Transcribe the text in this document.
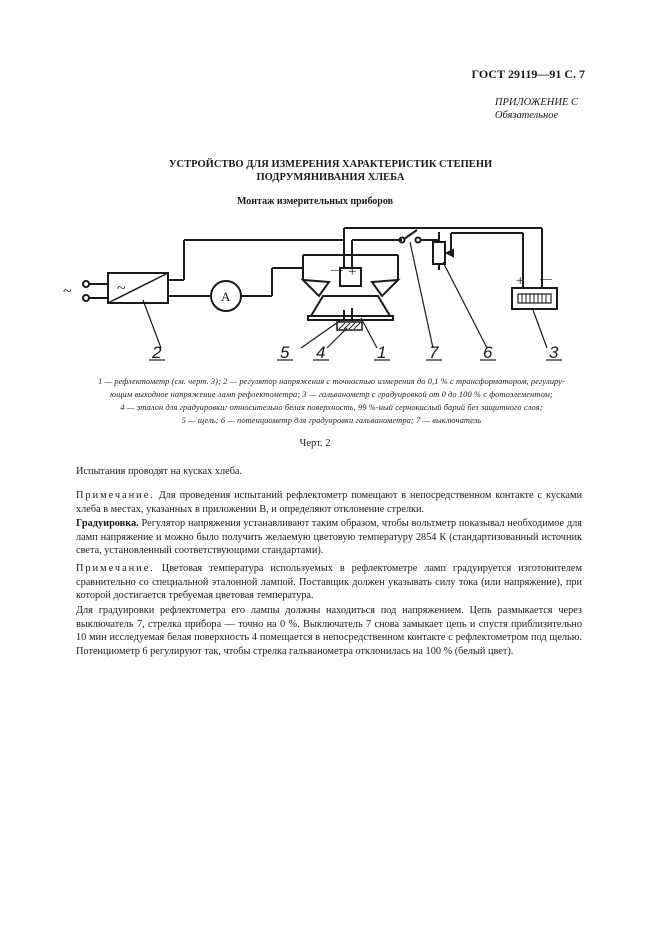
ГОСТ 29119—91 С. 7
ПРИЛОЖЕНИЕ С
Обязательное
УСТРОЙСТВО ДЛЯ ИЗМЕРЕНИЯ ХАРАКТЕРИСТИК СТЕПЕНИ
ПОДРУМЯНИВАНИЯ ХЛЕБА
Монтаж измерительных приборов
~	~	A
— +
+ —
2	5 4	1	7	6	3
1 — рефлектометр (см. черт. 3); 2 — регулятор напряжения с точностью измерения до 0,1 % с трансформатором, регулиру-
ющим выходное напряжение ламп рефлектометра; 3 — гальванометр с градуировкой от 0 до 100 % с фотоэлементом;
4 — эталон для градуировки: относительно белая поверхность, 99 %-ный сернокислый барий без защитного слоя;
5 — щель; 6 — потенциометр для градуировки гальванометра; 7 — выключатель
Черт. 2
Испытания проводят на кусках хлеба.
Примечание. Для проведения испытаний рефлектометр помещают в непосредственном контакте с кусками хлеба в местах, указанных в приложении В, и определяют отклонение стрелки.
Градуировка. Регулятор напряжения устанавливают таким образом, чтобы вольтметр показывал необходимое для ламп напряжение и можно было получить желаемую цветовую температуру 2854 К (стандартизованный источник света, установленный соответствующими стандартами).
Примечание. Цветовая температура используемых в рефлектометре ламп градуируется изготовителем сравнительно со специальной эталонной лампой. Поставщик должен указывать силу тока (или напряжение), при которой достигается требуемая цветовая температура.
Для градуировки рефлектометра его лампы должны находиться под напряжением. Цепь размыкается через выключатель 7, стрелка прибора — точно на 0 %. Выключатель 7 снова замыкает цепь и спустя приблизительно 10 мин исследуемая белая поверхность 4 помещается в непосредственном контакте с рефлектометром под щелью. Потенциометр 6 регулируют так, чтобы стрелка гальванометра отклонилась на 100 % (белый цвет).
